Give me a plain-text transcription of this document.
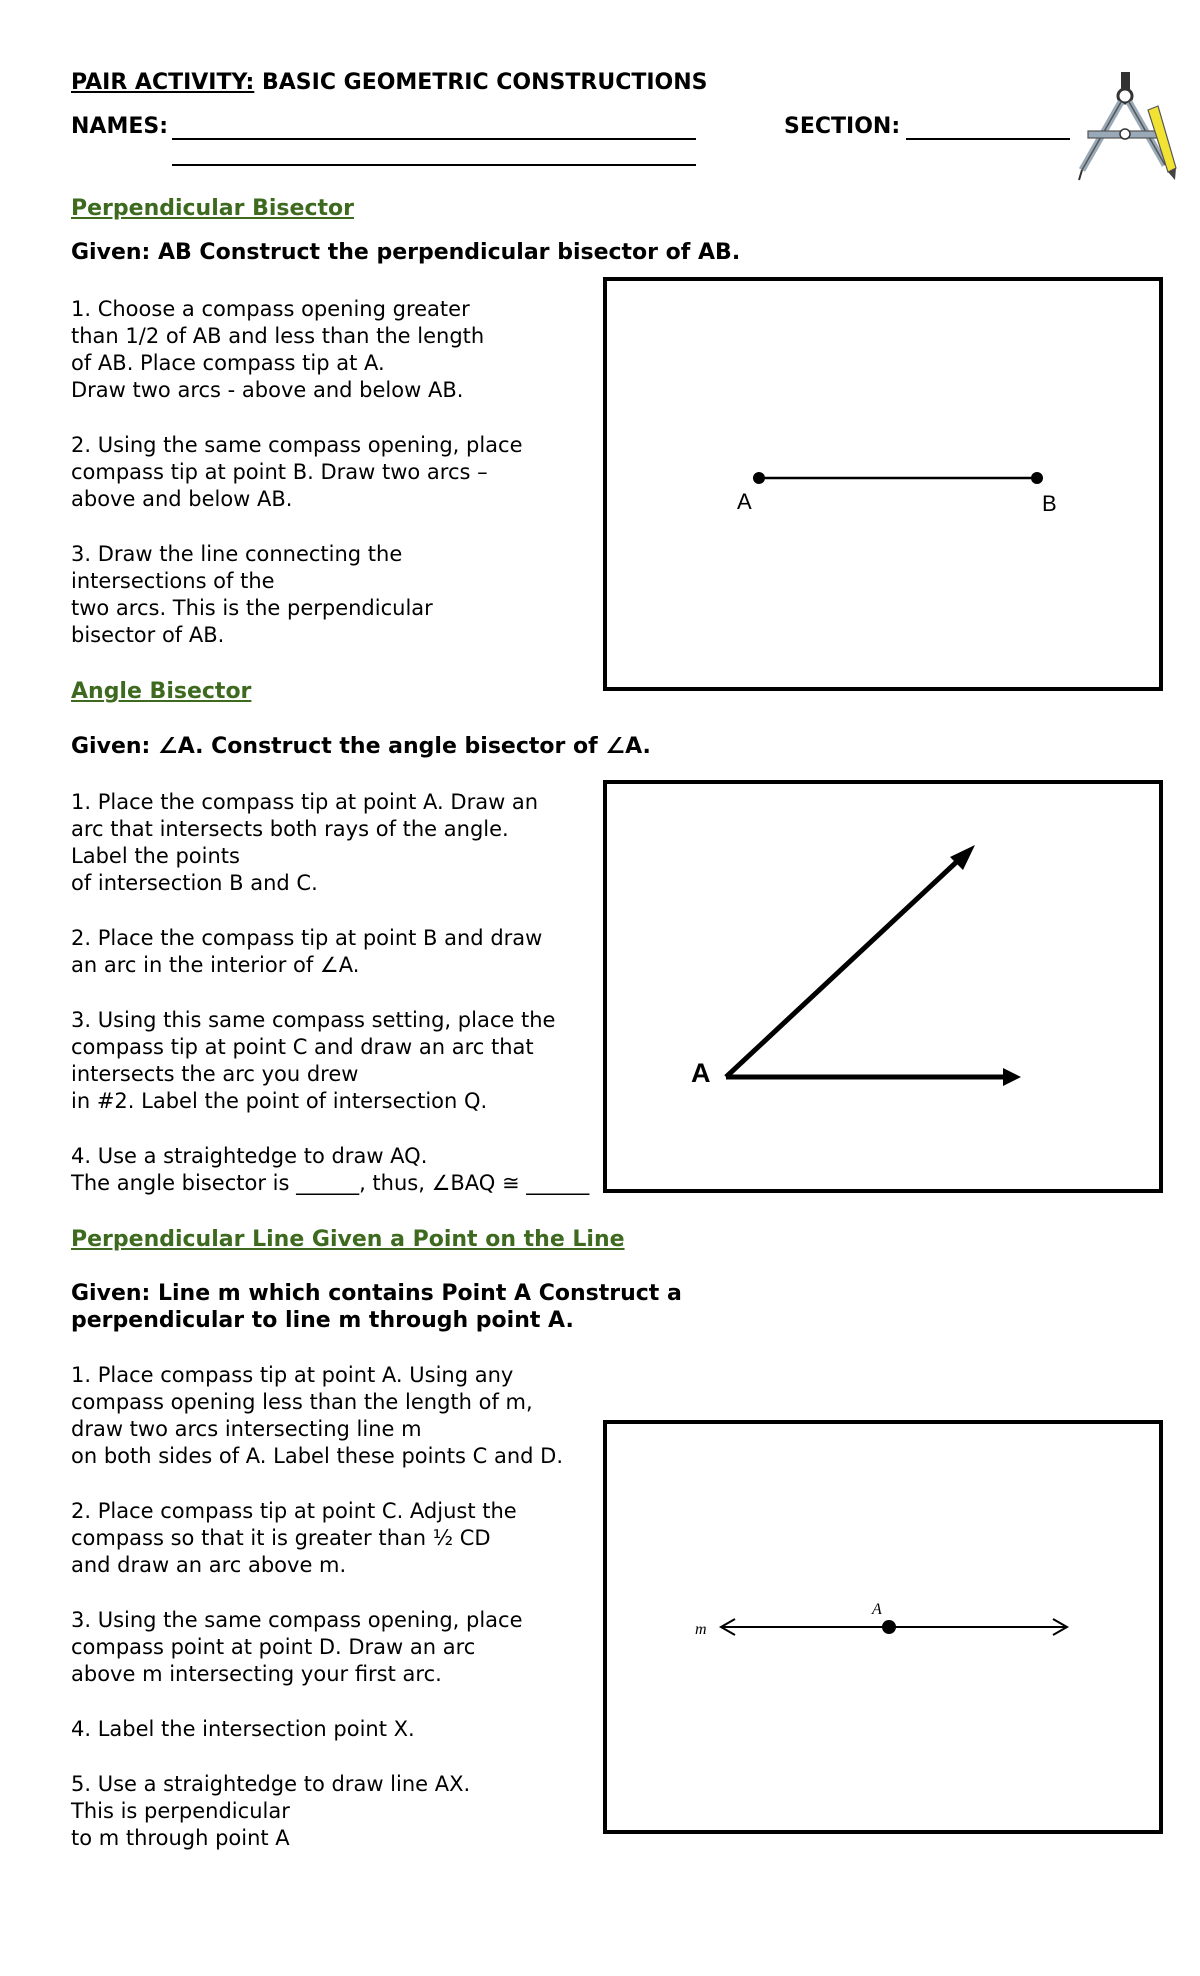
PAIR ACTIVITY: BASIC GEOMETRIC CONSTRUCTIONS
NAMES:	SECTION:
Perpendicular Bisector
Given: AB Construct the perpendicular bisector of AB.
1. Choose a compass opening greater
than 1/2 of AB and less than the length
of AB. Place compass tip at A.
Draw two arcs - above and below AB.
2. Using the same compass opening, place
compass tip at point B. Draw two arcs –
above and below AB.
3. Draw the line connecting the
intersections of the
two arcs. This is the perpendicular
bisector of AB.
A	B
Angle Bisector
Given: ∠A. Construct the angle bisector of ∠A.
1. Place the compass tip at point A. Draw an
arc that intersects both rays of the angle.
Label the points
of intersection B and C.
2. Place the compass tip at point B and draw
an arc in the interior of ∠A.
3. Using this same compass setting, place the
compass tip at point C and draw an arc that
intersects the arc you drew
in #2. Label the point of intersection Q.
4. Use a straightedge to draw AQ.
The angle bisector is ______, thus, ∠BAQ ≅ ______
A
Perpendicular Line Given a Point on the Line
Given: Line m which contains Point A Construct a
perpendicular to line m through point A.
1. Place compass tip at point A. Using any
compass opening less than the length of m,
draw two arcs intersecting line m
on both sides of A. Label these points C and D.
2. Place compass tip at point C. Adjust the
compass so that it is greater than ½ CD
and draw an arc above m.
3. Using the same compass opening, place
compass point at point D. Draw an arc
above m intersecting your first arc.
4. Label the intersection point X.
5. Use a straightedge to draw line AX.
This is perpendicular
to m through point A
m
A
